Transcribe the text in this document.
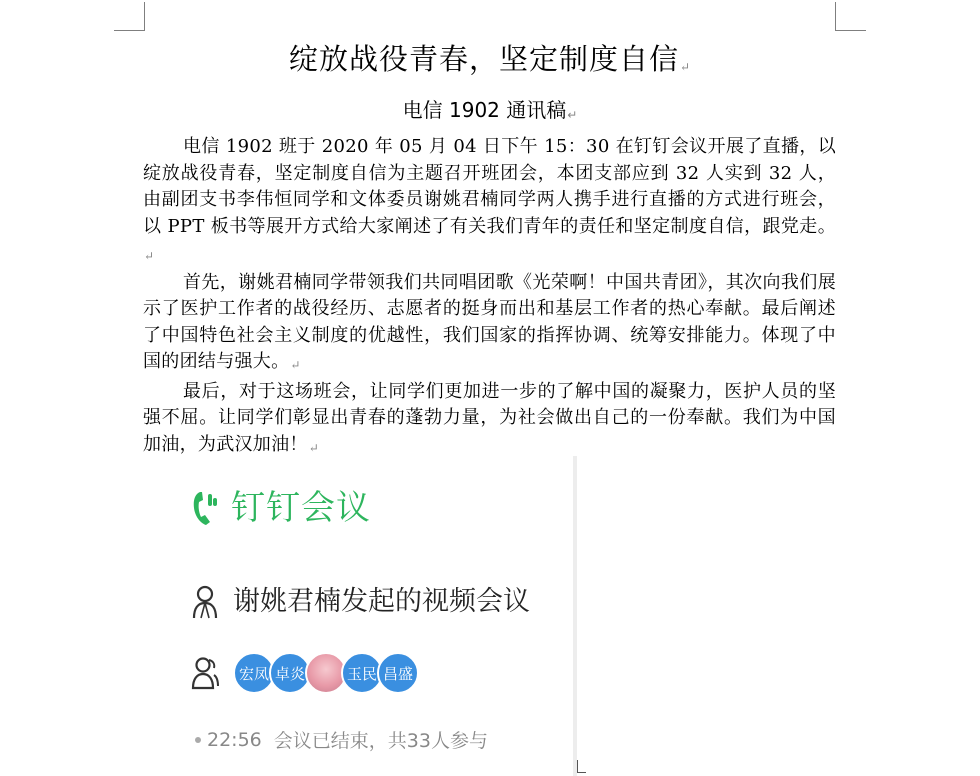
绽放战役青春，坚定制度自信↵
电信 1902 通讯稿↵

电信 1902 班于 2020 年 05 月 04 日下午 15：30 在钉钉会议开展了直播，以绽放战役青春，坚定制度自信为主题召开班团会，本团支部应到 32 人实到 32 人，由副团支书李伟恒同学和文体委员谢姚君楠同学两人携手进行直播的方式进行班会，以 PPT 板书等展开方式给大家阐述了有关我们青年的责任和坚定制度自信，跟党走。↵

首先，谢姚君楠同学带领我们共同唱团歌《光荣啊！中国共青团》，其次向我们展示了医护工作者的战役经历、志愿者的挺身而出和基层工作者的热心奉献。最后阐述了中国特色社会主义制度的优越性，我们国家的指挥协调、统筹安排能力。体现了中国的团结与强大。↵

最后，对于这场班会，让同学们更加进一步的了解中国的凝聚力，医护人员的坚强不屈。让同学们彰显出青春的蓬勃力量，为社会做出自己的一份奉献。我们为中国加油，为武汉加油！↵

钉钉会议
谢姚君楠发起的视频会议
宏凤 卓炎	玉民 昌盛
22:56 会议已结束，共33人参与
